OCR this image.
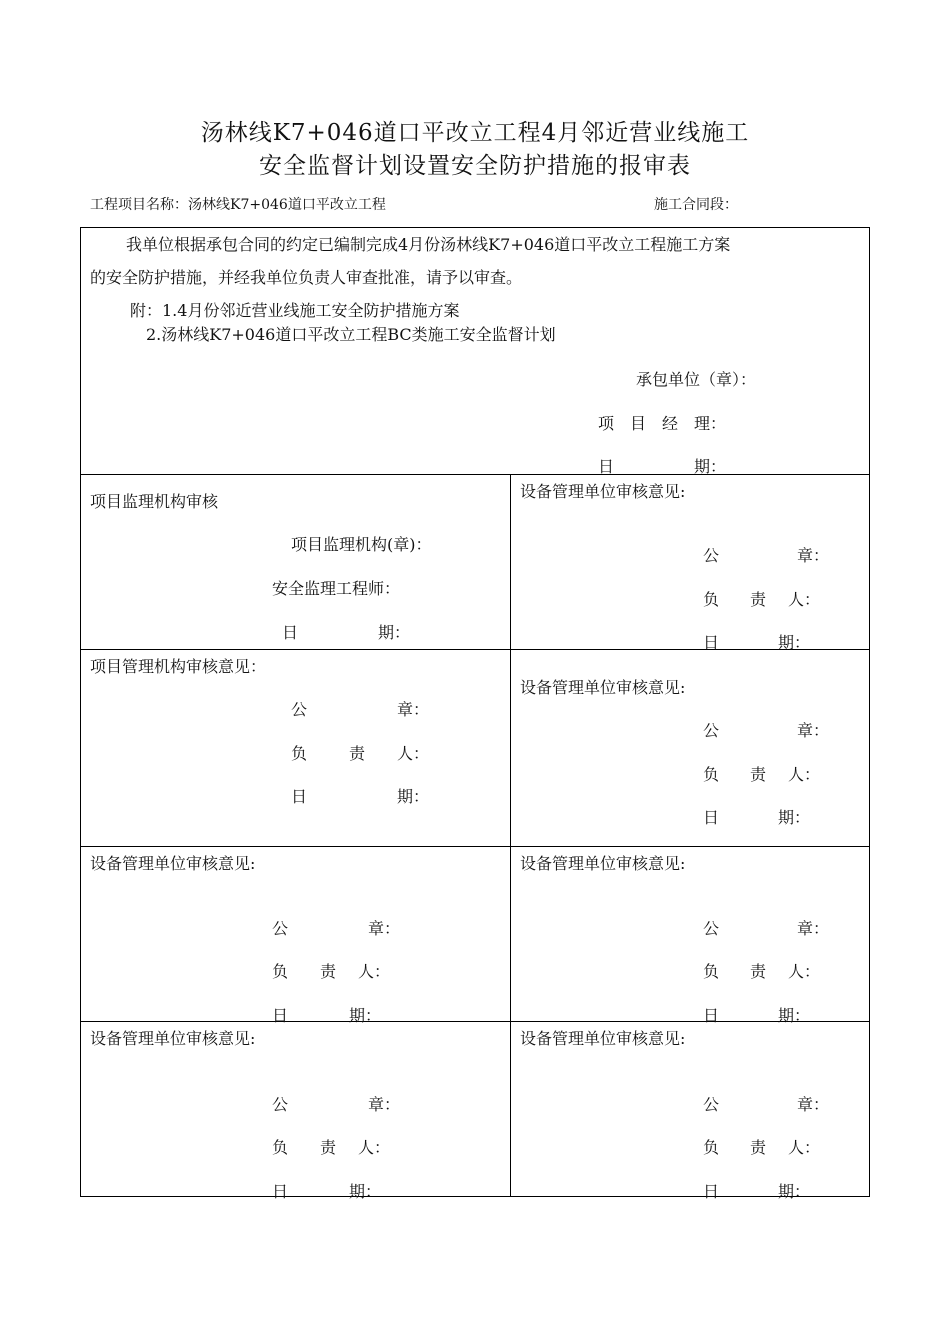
汤林线K7+046道口平改立工程4月邻近营业线施工
安全监督计划设置安全防护措施的报审表
工程项目名称：汤林线K7+046道口平改立工程	施工合同段：
我单位根据承包合同的约定已编制完成4月份汤林线K7+046道口平改立工程施工方案
的安全防护措施，并经我单位负责人审查批准，请予以审查。
附：1.4月份邻近营业线施工安全防护措施方案
2.汤林线K7+046道口平改立工程BC类施工安全监督计划
承包单位（章）：
项　目　经　理：
日　　　　　期：
项目监理机构审核
项目监理机构(章)：
安全监理工程师：
日　　　　　期：
设备管理单位审核意见:
公	章：
负 责 人：
日	期：
项目管理机构审核意见：
公	章：
负	责 人：
日	期：
设备管理单位审核意见:
公	章：
负 责 人：
日	期：
设备管理单位审核意见:
公	章：
负 责 人：
日	期：
设备管理单位审核意见:
公	章：
负 责 人：
日	期：
设备管理单位审核意见:
公	章：
负 责 人：
日	期：
设备管理单位审核意见:
公	章：
负 责 人：
日	期：
